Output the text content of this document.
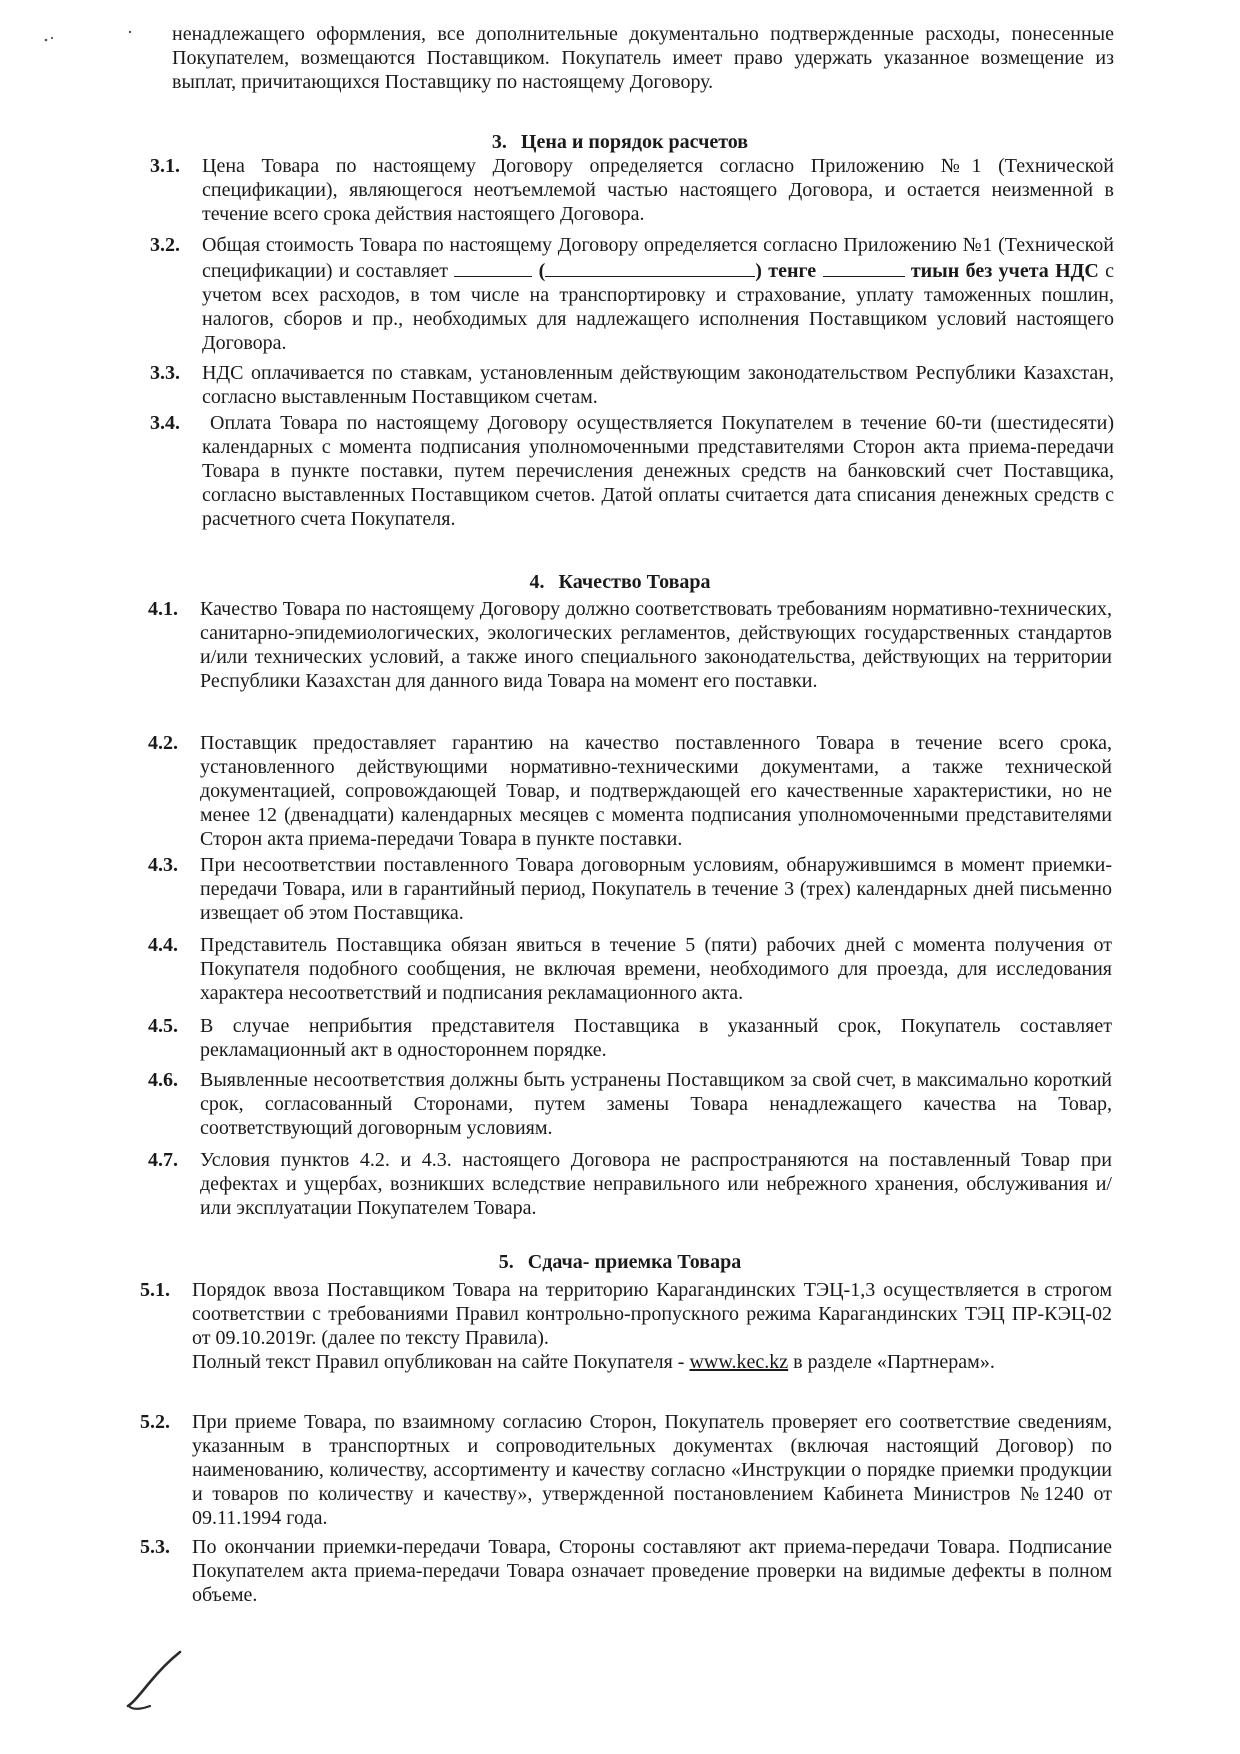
ненадлежащего оформления, все дополнительные документально подтвержденные расходы, понесенные Покупателем, возмещаются Поставщиком. Покупатель имеет право удержать указанное возмещение из выплат, причитающихся Поставщику по настоящему Договору.

3. Цена и порядок расчетов
3.1. Цена Товара по настоящему Договору определяется согласно Приложению №1 (Технической спецификации), являющегося неотъемлемой частью настоящего Договора, и остается неизменной в течение всего срока действия настоящего Договора.
3.2. Общая стоимость Товара по настоящему Договору определяется согласно Приложению №1 (Технической спецификации) и составляет	(	) тенге	тиын без учета НДС с учетом всех расходов, в том числе на транспортировку и страхование, уплату таможенных пошлин, налогов, сборов и пр., необходимых для надлежащего исполнения Поставщиком условий настоящего Договора.
3.3. НДС оплачивается по ставкам, установленным действующим законодательством Республики Казахстан, согласно выставленным Поставщиком счетам.
3.4.	Оплата Товара по настоящему Договору осуществляется Покупателем в течение 60-ти (шестидесяти) календарных с момента подписания уполномоченными представителями Сторон акта приема-передачи Товара в пункте поставки, путем перечисления денежных средств на банковский счет Поставщика, согласно выставленных Поставщиком счетов. Датой оплаты считается дата списания денежных средств с расчетного счета Покупателя.
4. Качество Товара
4.1. Качество Товара по настоящему Договору должно соответствовать требованиям нормативно-технических, санитарно-эпидемиологических, экологических регламентов, действующих государственных стандартов и/или технических условий, а также иного специального законодательства, действующих на территории Республики Казахстан для данного вида Товара на момент его поставки.
4.2. Поставщик предоставляет гарантию на качество поставленного Товара в течение всего срока, установленного действующими нормативно-техническими документами, а также технической документацией, сопровождающей Товар, и подтверждающей его качественные характеристики, но не менее 12 (двенадцати) календарных месяцев с момента подписания уполномоченными представителями Сторон акта приема-передачи Товара в пункте поставки.
4.3. При несоответствии поставленного Товара договорным условиям, обнаружившимся в момент приемки-передачи Товара, или в гарантийный период, Покупатель в течение 3 (трех) календарных дней письменно извещает об этом Поставщика.
4.4. Представитель Поставщика обязан явиться в течение 5 (пяти) рабочих дней с момента получения от Покупателя подобного сообщения, не включая времени, необходимого для проезда, для исследования характера несоответствий и подписания рекламационного акта.
4.5. В случае неприбытия представителя Поставщика в указанный срок, Покупатель составляет рекламационный акт в одностороннем порядке.
4.6. Выявленные несоответствия должны быть устранены Поставщиком за свой счет, в максимально короткий срок, согласованный Сторонами, путем замены Товара ненадлежащего качества на Товар, соответствующий договорным условиям.
4.7. Условия пунктов 4.2. и 4.3. настоящего Договора не распространяются на поставленный Товар при дефектах и ущербах, возникших вследствие неправильного или небрежного хранения, обслуживания и/или эксплуатации Покупателем Товара.
5. Сдача- приемка Товара
5.1. Порядок ввоза Поставщиком Товара на территорию Карагандинских ТЭЦ-1,3 осуществляется в строгом соответствии с требованиями Правил контрольно-пропускного режима Карагандинских ТЭЦ ПР-КЭЦ-02 от 09.10.2019г. (далее по тексту Правила).

Полный текст Правил опубликован на сайте Покупателя - www.kec.kz в разделе «Партнерам».

5.2. При приеме Товара, по взаимному согласию Сторон, Покупатель проверяет его соответствие сведениям, указанным в транспортных и сопроводительных документах (включая настоящий Договор) по наименованию, количеству, ассортименту и качеству согласно «Инструкции о порядке приемки продукции и товаров по количеству и качеству», утвержденной постановлением Кабинета Министров №1240 от 09.11.1994 года.
5.3. По окончании приемки-передачи Товара, Стороны составляют акт приема-передачи Товара. Подписание Покупателем акта приема-передачи Товара означает проведение проверки на видимые дефекты в полном объеме.
